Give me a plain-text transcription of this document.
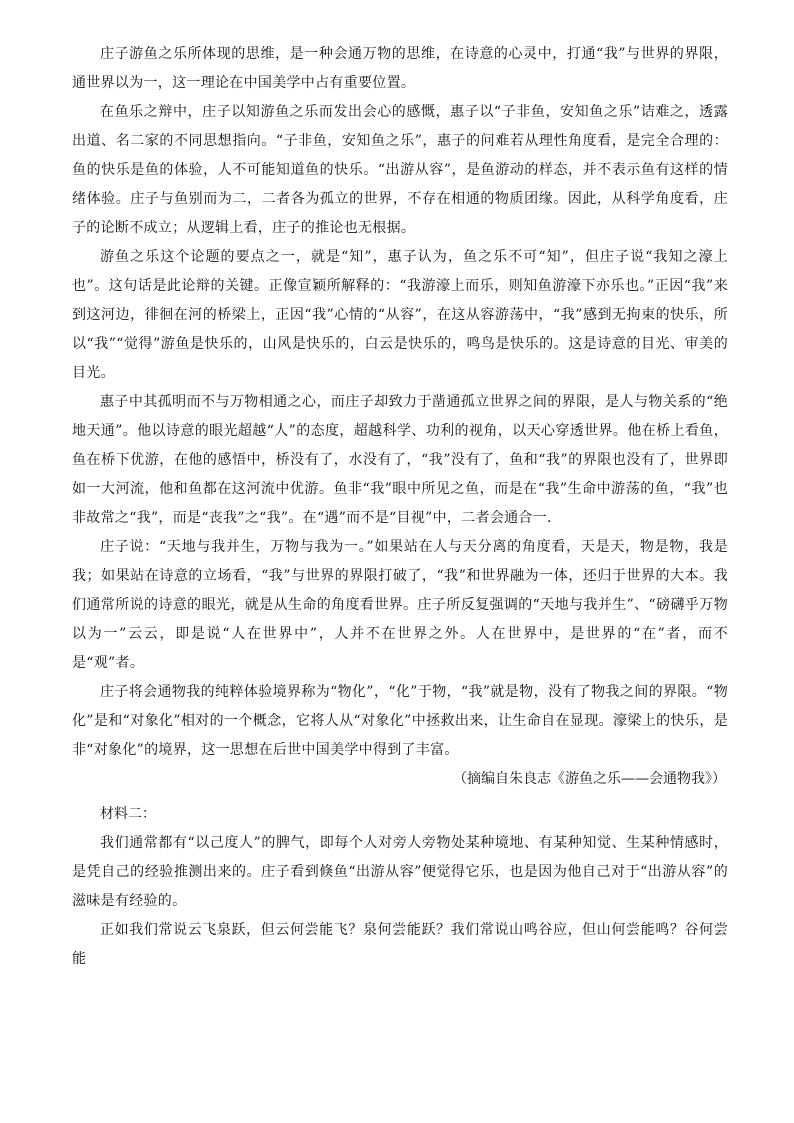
庄子游鱼之乐所体现的思维，是一种会通万物的思维，在诗意的心灵中，打通“我”与世界的界限，通世界以为一，这一理论在中国美学中占有重要位置。

在鱼乐之辩中，庄子以知游鱼之乐而发出会心的感慨，惠子以“子非鱼，安知鱼之乐”诘难之，透露出道、名二家的不同思想指向。“子非鱼，安知鱼之乐”，惠子的问难若从理性角度看，是完全合理的：鱼的快乐是鱼的体验，人不可能知道鱼的快乐。“出游从容”，是鱼游动的样态，并不表示鱼有这样的情绪体验。庄子与鱼别而为二，二者各为孤立的世界，不存在相通的物质团缘。因此，从科学角度看，庄子的论断不成立；从逻辑上看，庄子的推论也无根据。

游鱼之乐这个论题的要点之一，就是“知”，惠子认为，鱼之乐不可“知”，但庄子说“我知之濠上也”。这句话是此论辩的关键。正像宣颖所解释的：“我游濠上而乐，则知鱼游濠下亦乐也。”正因“我”来到这河边，徘徊在河的桥梁上，正因“我”心情的“从容”，在这从容游荡中，“我”感到无拘束的快乐，所以“我”“觉得”游鱼是快乐的，山风是快乐的，白云是快乐的，鸣鸟是快乐的。这是诗意的目光、审美的目光。

惠子中其孤明而不与万物相通之心，而庄子却致力于凿通孤立世界之间的界限，是人与物关系的“绝地天通”。他以诗意的眼光超越“人”的态度，超越科学、功利的视角，以天心穿透世界。他在桥上看鱼，鱼在桥下优游，在他的感悟中，桥没有了，水没有了，“我”没有了，鱼和“我”的界限也没有了，世界即如一大河流，他和鱼都在这河流中优游。鱼非“我”眼中所见之鱼，而是在“我”生命中游荡的鱼，“我”也非故常之“我”，而是“丧我”之“我”。在“遇”而不是“目视”中，二者会通合一.

庄子说：“天地与我并生，万物与我为一。”如果站在人与天分离的角度看，天是天，物是物，我是我；如果站在诗意的立场看，“我”与世界的界限打破了，“我”和世界融为一体，还归于世界的大本。我们通常所说的诗意的眼光，就是从生命的角度看世界。庄子所反复强调的“天地与我并生”、“磅礴乎万物以为一”云云，即是说“人在世界中”，人并不在世界之外。人在世界中，是世界的“在”者，而不是“观”者。

庄子将会通物我的纯粹体验境界称为“物化”，“化”于物，“我”就是物，没有了物我之间的界限。“物化”是和“对象化”相对的一个概念，它将人从“对象化”中拯救出来，让生命自在显现。濠梁上的快乐，是非“对象化”的境界，这一思想在后世中国美学中得到了丰富。

（摘编自朱良志《游鱼之乐——会通物我》）

材料二：

我们通常都有“以己度人”的脾气，即每个人对旁人旁物处某种境地、有某种知觉、生某种情感时，是凭自己的经验推测出来的。庄子看到倏鱼“出游从容”便觉得它乐，也是因为他自己对于“出游从容”的滋味是有经验的。

正如我们常说云飞泉跃，但云何尝能飞？泉何尝能跃？我们常说山鸣谷应，但山何尝能鸣？谷何尝能
